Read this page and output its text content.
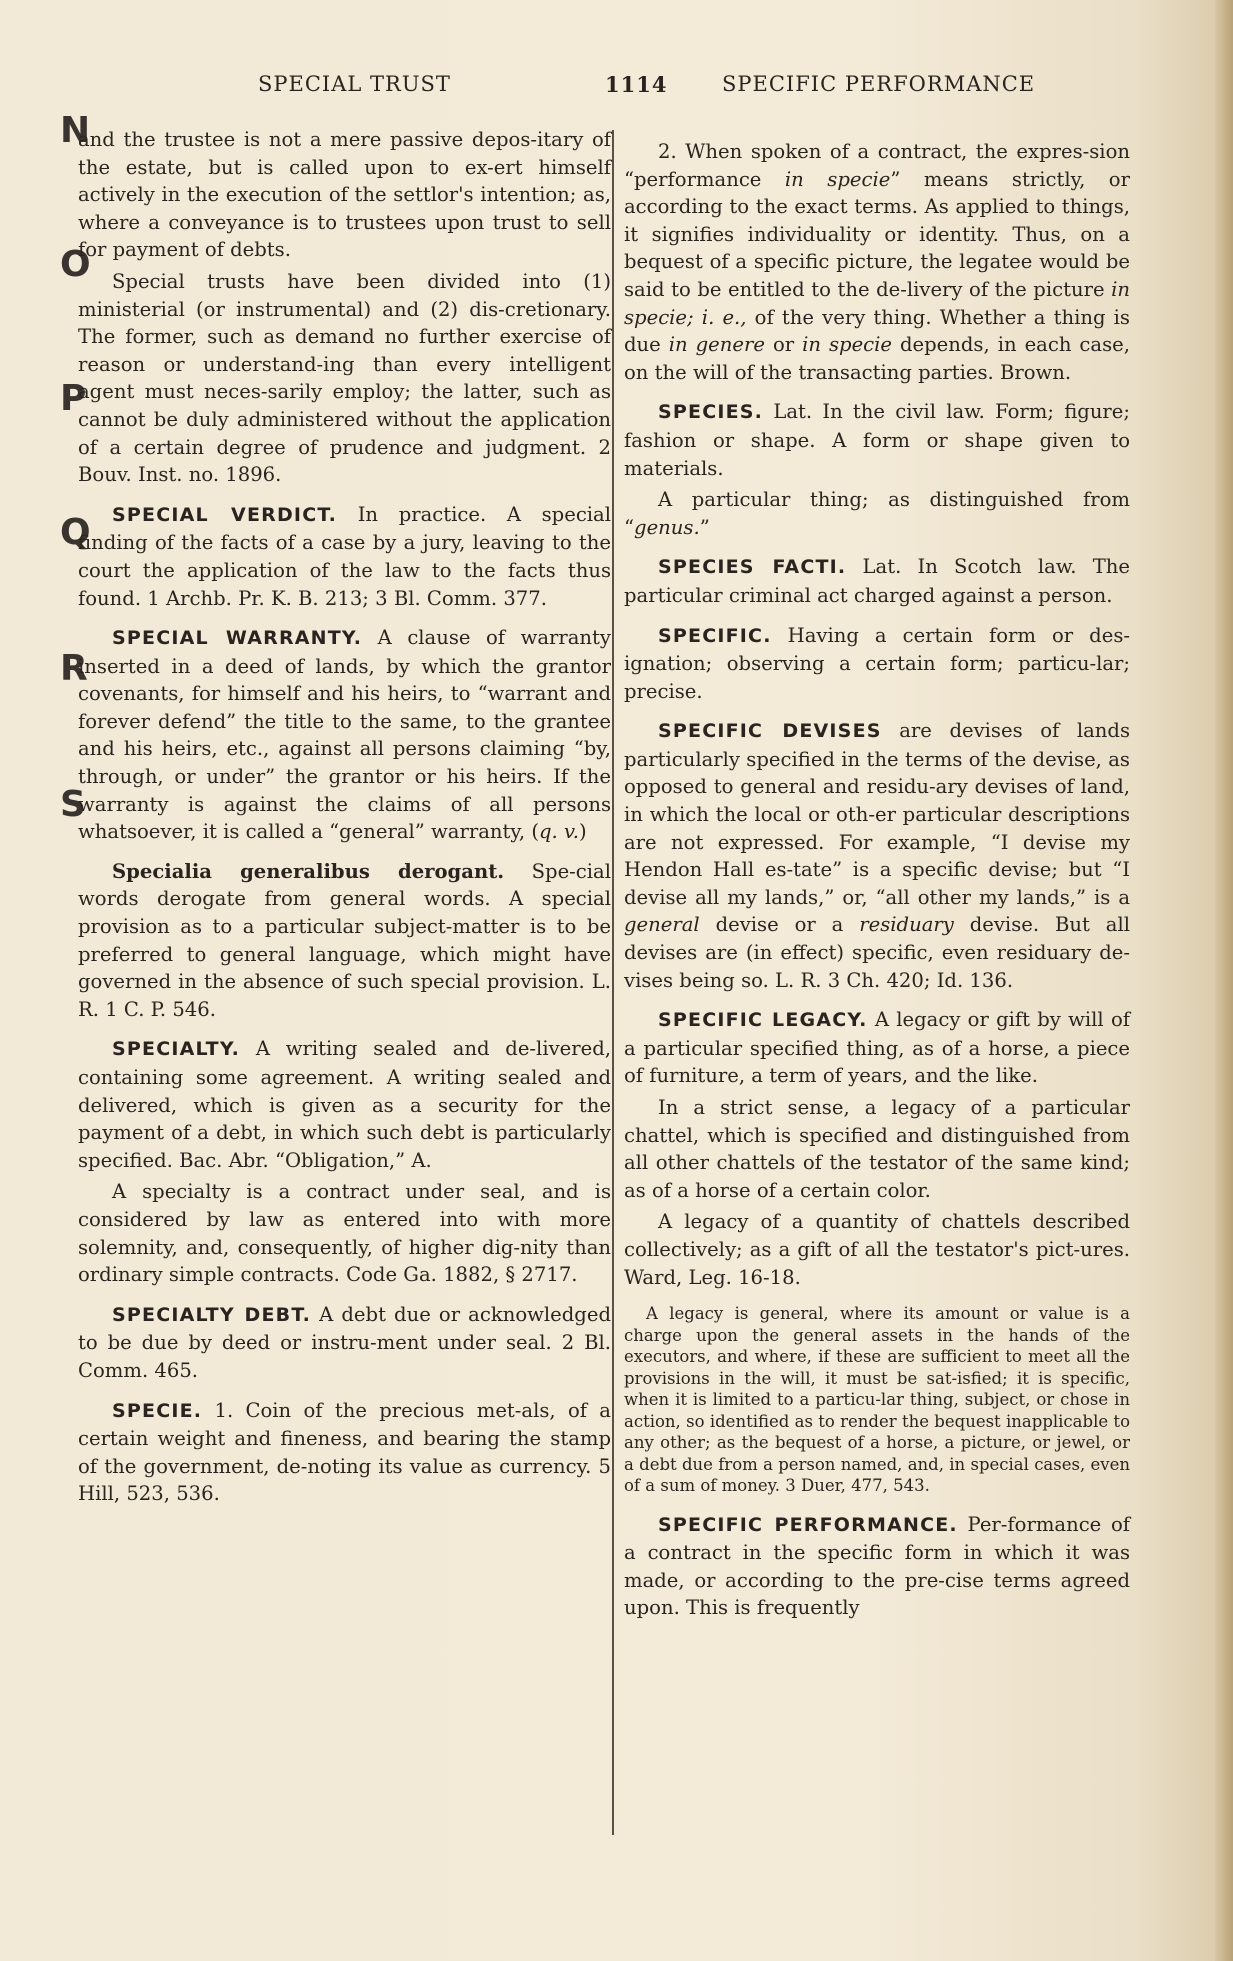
SPECIAL TRUST	1114	SPECIFIC PERFORMANCE
N
O
P
Q
R
S

and the trustee is not a mere passive depos-itary of the estate, but is called upon to ex-ert himself actively in the execution of the settlor's intention; as, where a conveyance is to trustees upon trust to sell for payment of debts.

Special trusts have been divided into (1) ministerial (or instrumental) and (2) dis-cretionary. The former, such as demand no further exercise of reason or understand-ing than every intelligent agent must neces-sarily employ; the latter, such as cannot be duly administered without the application of a certain degree of prudence and judgment. 2 Bouv. Inst. no. 1896.

SPECIAL VERDICT. In practice. A special finding of the facts of a case by a jury, leaving to the court the application of the law to the facts thus found. 1 Archb. Pr. K. B. 213; 3 Bl. Comm. 377.

SPECIAL WARRANTY. A clause of warranty inserted in a deed of lands, by which the grantor covenants, for himself and his heirs, to “warrant and forever defend” the title to the same, to the grantee and his heirs, etc., against all persons claiming “by, through, or under” the grantor or his heirs. If the warranty is against the claims of all persons whatsoever, it is called a “general” warranty, (q. v.)

Specialia generalibus derogant. Spe-cial words derogate from general words. A special provision as to a particular subject-matter is to be preferred to general language, which might have governed in the absence of such special provision. L. R. 1 C. P. 546.

SPECIALTY. A writing sealed and de-livered, containing some agreement. A writing sealed and delivered, which is given as a security for the payment of a debt, in which such debt is particularly specified. Bac. Abr. “Obligation,” A.

A specialty is a contract under seal, and is considered by law as entered into with more solemnity, and, consequently, of higher dig-nity than ordinary simple contracts. Code Ga. 1882, § 2717.

SPECIALTY DEBT. A debt due or acknowledged to be due by deed or instru-ment under seal. 2 Bl. Comm. 465.

SPECIE. 1. Coin of the precious met-als, of a certain weight and fineness, and bearing the stamp of the government, de-noting its value as currency. 5 Hill, 523, 536.

2. When spoken of a contract, the expres-sion “performance in specie” means strictly, or according to the exact terms. As applied to things, it signifies individuality or identity. Thus, on a bequest of a specific picture, the legatee would be said to be entitled to the de-livery of the picture in specie; i. e., of the very thing. Whether a thing is due in genere or in specie depends, in each case, on the will of the transacting parties. Brown.

SPECIES. Lat. In the civil law. Form; figure; fashion or shape. A form or shape given to materials.

A particular thing; as distinguished from “genus.”

SPECIES FACTI. Lat. In Scotch law. The particular criminal act charged against a person.

SPECIFIC. Having a certain form or des-ignation; observing a certain form; particu-lar; precise.

SPECIFIC DEVISES are devises of lands particularly specified in the terms of the devise, as opposed to general and residu-ary devises of land, in which the local or oth-er particular descriptions are not expressed. For example, “I devise my Hendon Hall es-tate” is a specific devise; but “I devise all my lands,” or, “all other my lands,” is a general devise or a residuary devise. But all devises are (in effect) specific, even residuary de-vises being so. L. R. 3 Ch. 420; Id. 136.

SPECIFIC LEGACY. A legacy or gift by will of a particular specified thing, as of a horse, a piece of furniture, a term of years, and the like.

In a strict sense, a legacy of a particular chattel, which is specified and distinguished from all other chattels of the testator of the same kind; as of a horse of a certain color.

A legacy of a quantity of chattels described collectively; as a gift of all the testator's pict-ures. Ward, Leg. 16-18.

A legacy is general, where its amount or value is a charge upon the general assets in the hands of the executors, and where, if these are sufficient to meet all the provisions in the will, it must be sat-isfied; it is specific, when it is limited to a particu-lar thing, subject, or chose in action, so identified as to render the bequest inapplicable to any other; as the bequest of a horse, a picture, or jewel, or a debt due from a person named, and, in special cases, even of a sum of money. 3 Duer, 477, 543.

SPECIFIC PERFORMANCE. Per-formance of a contract in the specific form in which it was made, or according to the pre-cise terms agreed upon. This is frequently
